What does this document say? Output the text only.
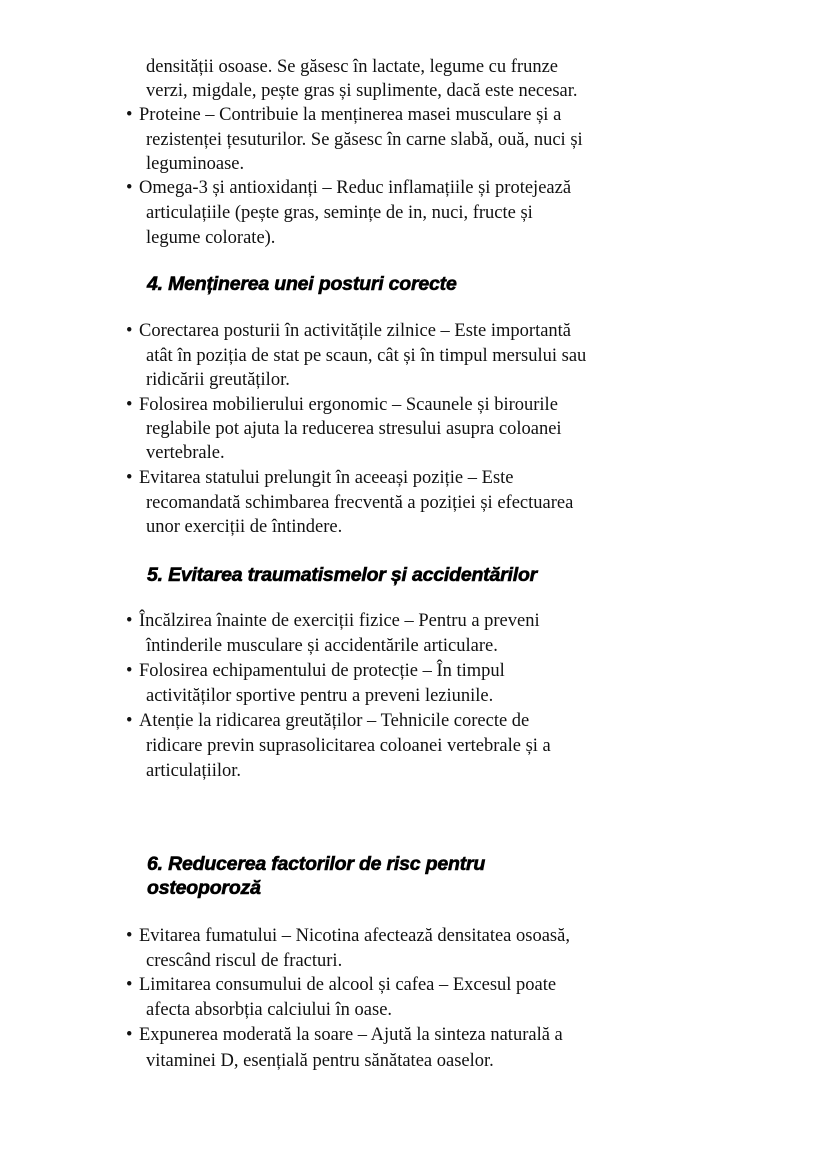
densității osoase. Se găsesc în lactate, legume cu frunze
verzi, migdale, pește gras și suplimente, dacă este necesar.
• Proteine – Contribuie la menținerea masei musculare și a
rezistenței țesuturilor. Se găsesc în carne slabă, ouă, nuci și
leguminoase.
• Omega-3 și antioxidanți – Reduc inflamațiile și protejează
articulațiile (pește gras, semințe de in, nuci, fructe și
legume colorate).
4. Menținerea unei posturi corecte
• Corectarea posturii în activitățile zilnice – Este importantă
atât în poziția de stat pe scaun, cât și în timpul mersului sau
ridicării greutăților.
• Folosirea mobilierului ergonomic – Scaunele și birourile
reglabile pot ajuta la reducerea stresului asupra coloanei
vertebrale.
• Evitarea statului prelungit în aceeași poziție – Este
recomandată schimbarea frecventă a poziției și efectuarea
unor exerciții de întindere.
5. Evitarea traumatismelor și accidentărilor
• Încălzirea înainte de exerciții fizice – Pentru a preveni
întinderile musculare și accidentările articulare.
• Folosirea echipamentului de protecție – În timpul
activităților sportive pentru a preveni leziunile.
• Atenție la ridicarea greutăților – Tehnicile corecte de
ridicare previn suprasolicitarea coloanei vertebrale și a
articulațiilor.
6. Reducerea factorilor de risc pentru
osteoporoză
• Evitarea fumatului – Nicotina afectează densitatea osoasă,
crescând riscul de fracturi.
• Limitarea consumului de alcool și cafea – Excesul poate
afecta absorbția calciului în oase.
• Expunerea moderată la soare – Ajută la sinteza naturală a
vitaminei D, esențială pentru sănătatea oaselor.
